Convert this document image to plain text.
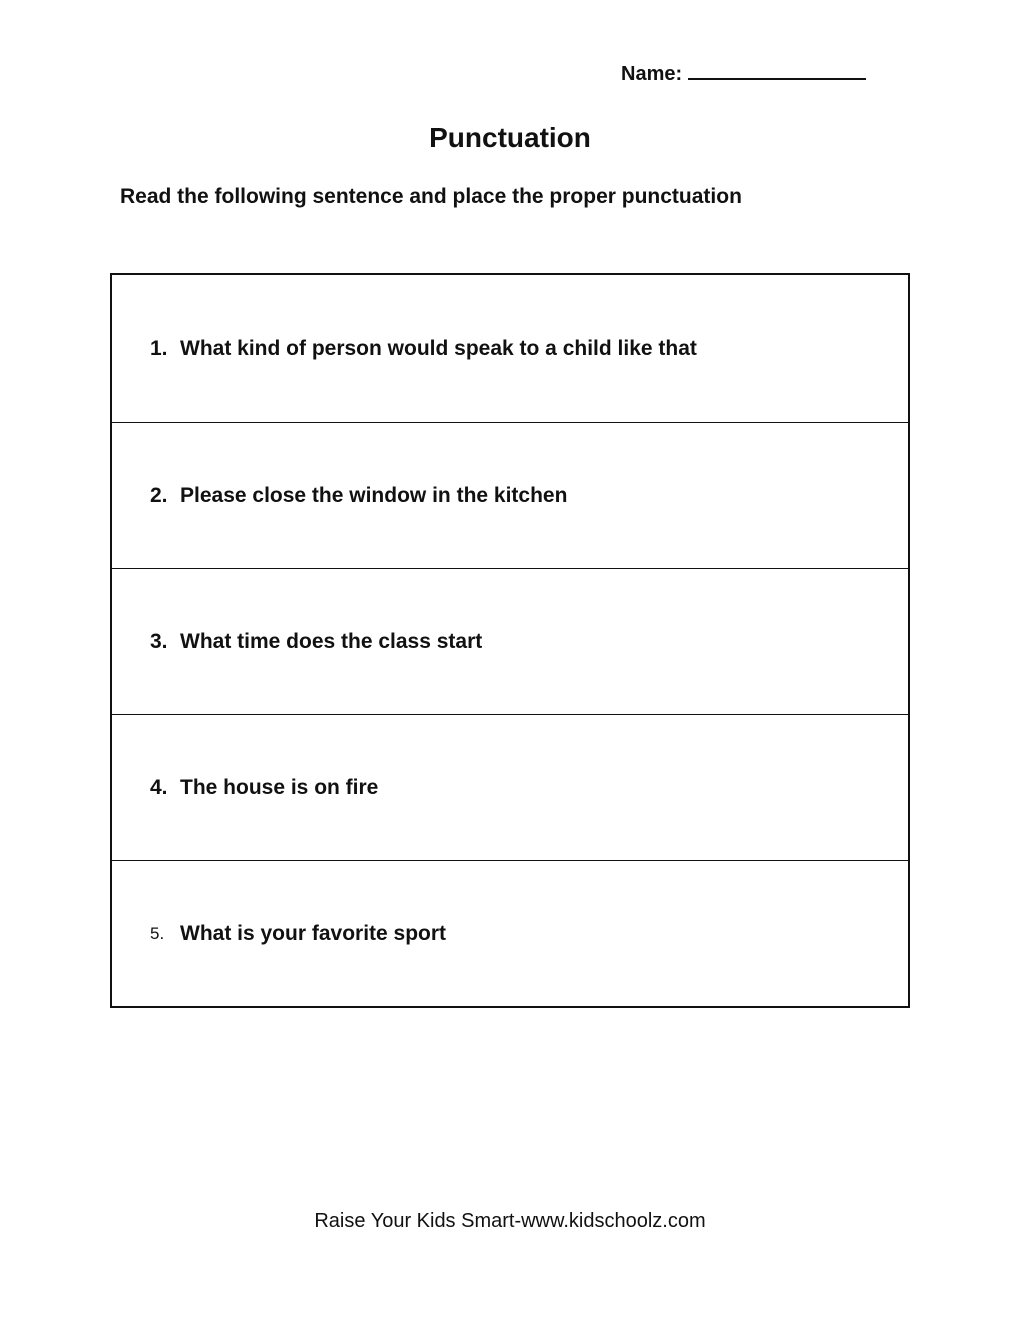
Name:
Punctuation
Read the following sentence and place the proper punctuation
1. What kind of person would speak to a child like that
2. Please close the window in the kitchen
3. What time does the class start
4. The house is on fire
5. What is your favorite sport
Raise Your Kids Smart-www.kidschoolz.com
